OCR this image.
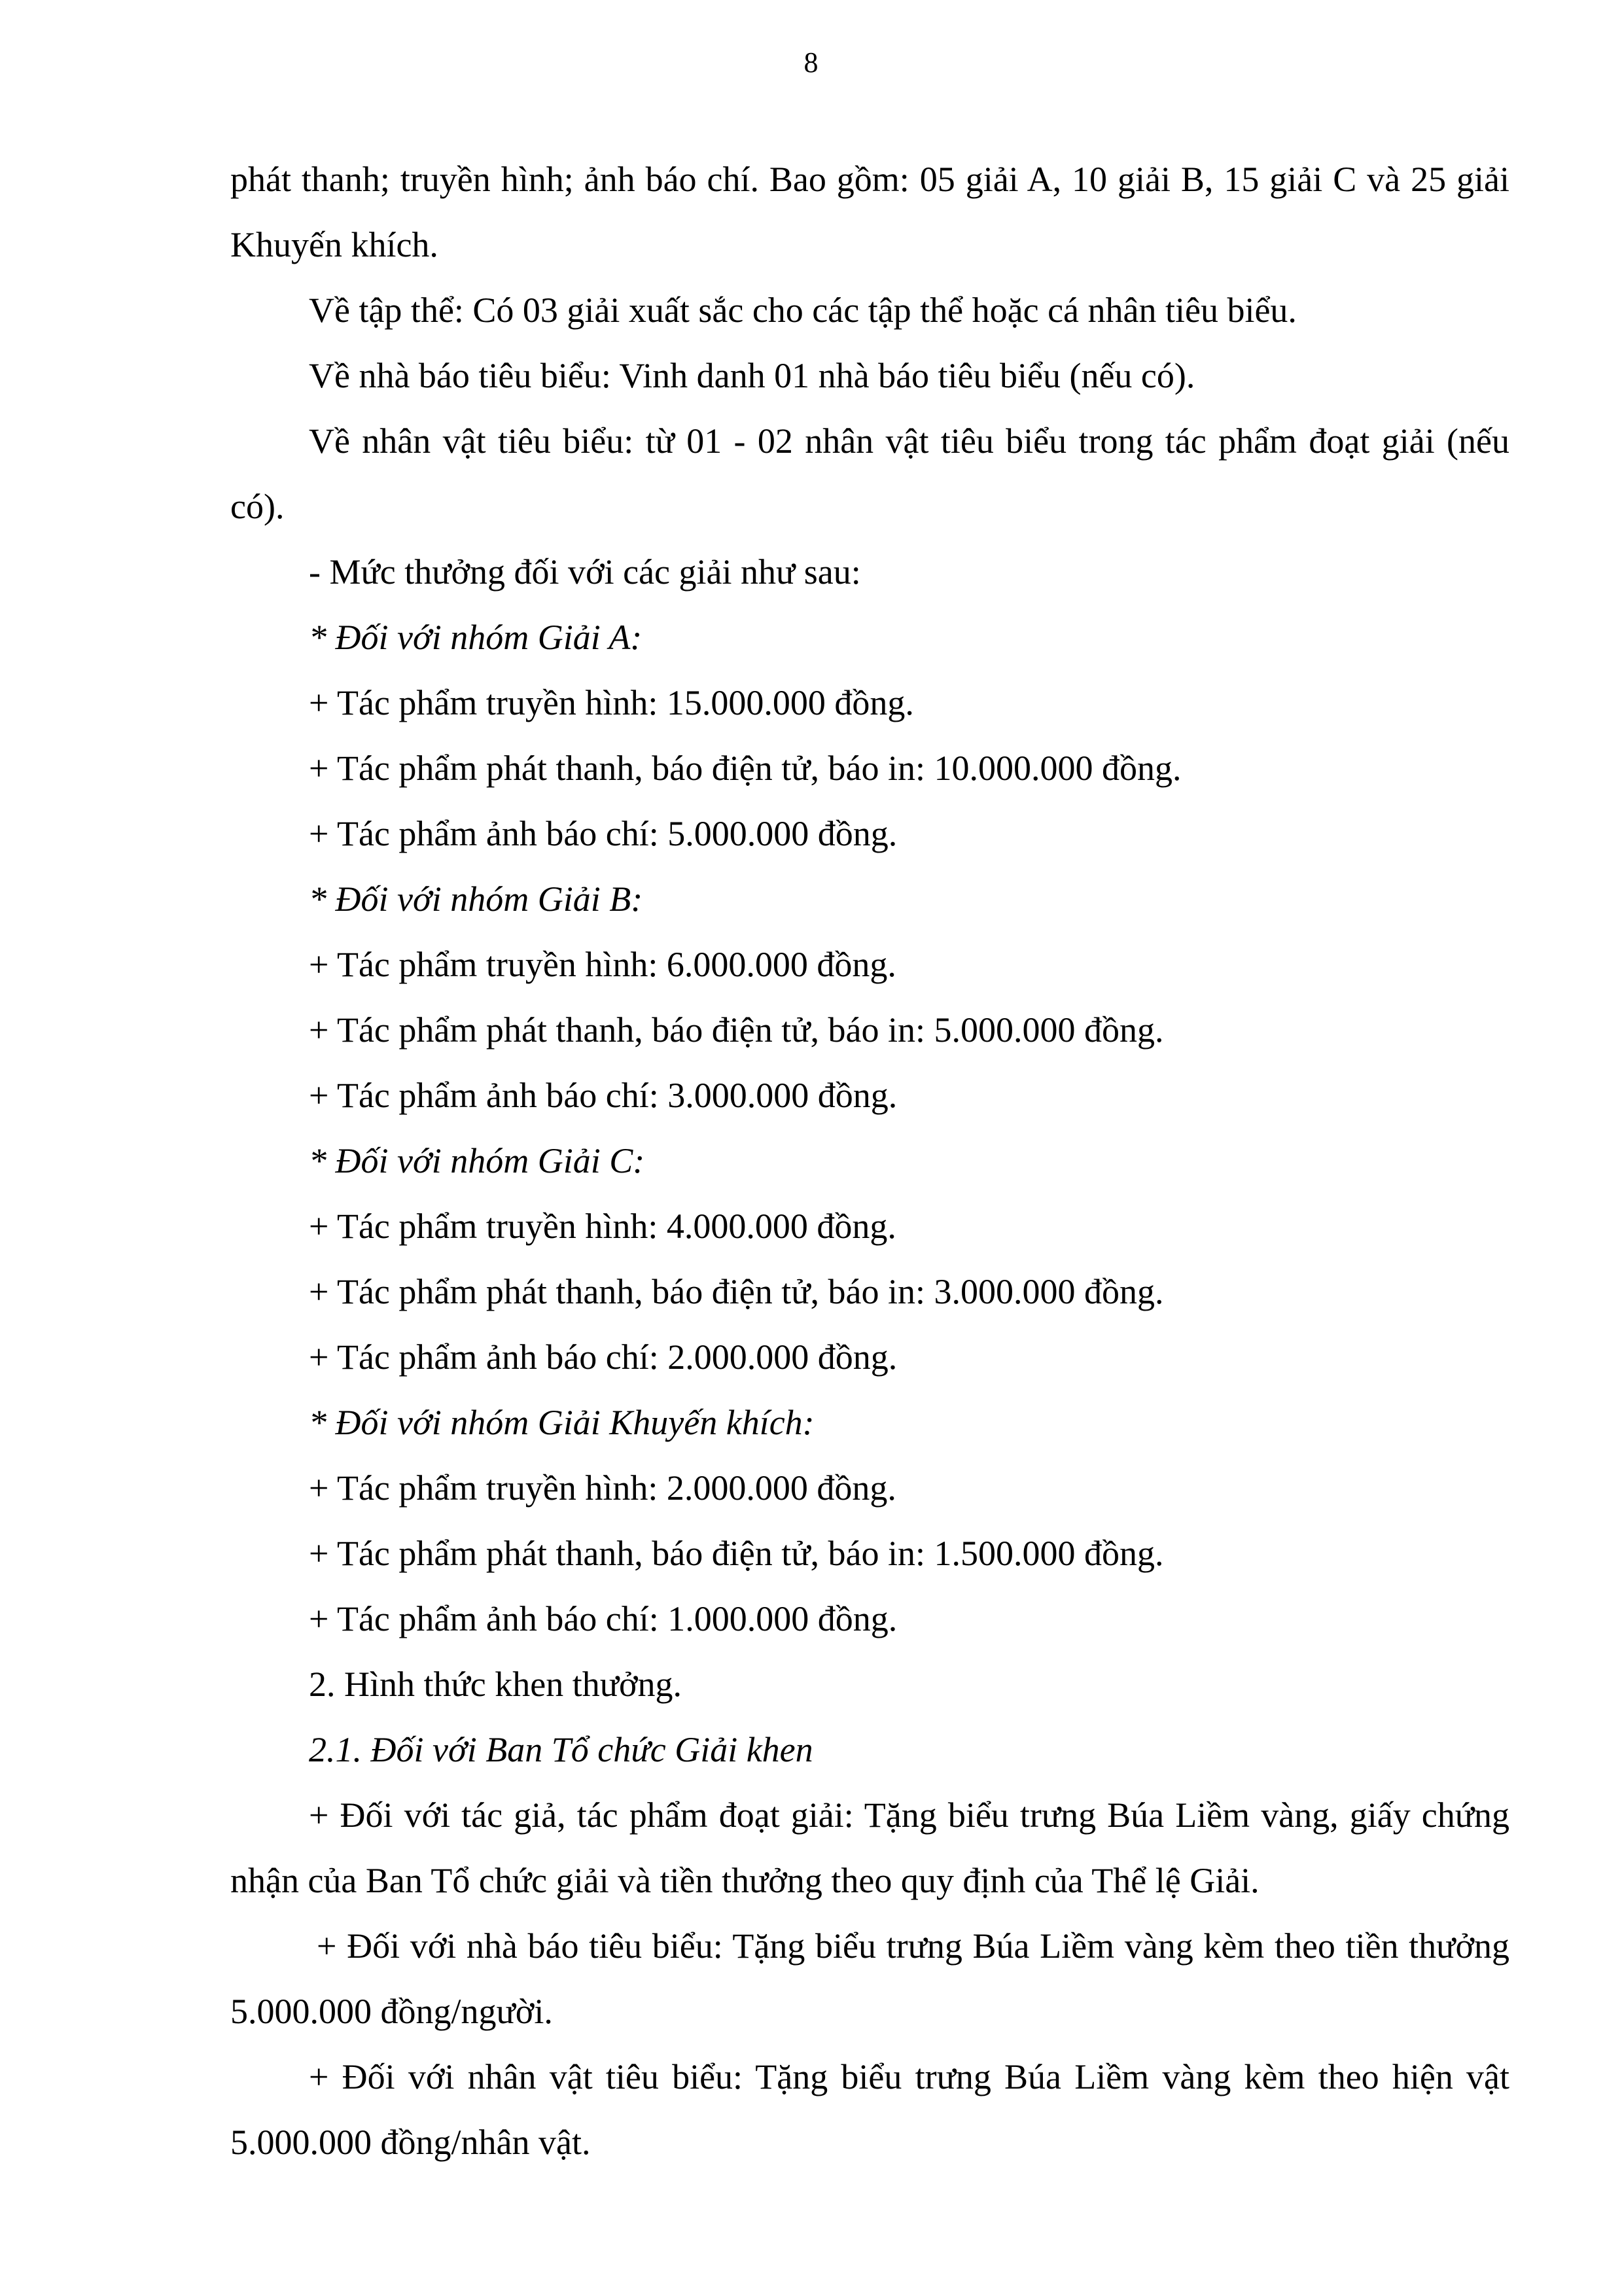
8

phát thanh; truyền hình; ảnh báo chí. Bao gồm: 05 giải A, 10 giải B, 15 giải C và 25 giải Khuyến khích.

Về tập thể: Có 03 giải xuất sắc cho các tập thể hoặc cá nhân tiêu biểu.

Về nhà báo tiêu biểu: Vinh danh 01 nhà báo tiêu biểu (nếu có).

Về nhân vật tiêu biểu: từ 01 - 02 nhân vật tiêu biểu trong tác phẩm đoạt giải (nếu có).

- Mức thưởng đối với các giải như sau:

* Đối với nhóm Giải A:

+ Tác phẩm truyền hình: 15.000.000 đồng.

+ Tác phẩm phát thanh, báo điện tử, báo in: 10.000.000 đồng.

+ Tác phẩm ảnh báo chí: 5.000.000 đồng.

* Đối với nhóm Giải B:

+ Tác phẩm truyền hình: 6.000.000 đồng.

+ Tác phẩm phát thanh, báo điện tử, báo in: 5.000.000 đồng.

+ Tác phẩm ảnh báo chí: 3.000.000 đồng.

* Đối với nhóm Giải C:

+ Tác phẩm truyền hình: 4.000.000 đồng.

+ Tác phẩm phát thanh, báo điện tử, báo in: 3.000.000 đồng.

+ Tác phẩm ảnh báo chí: 2.000.000 đồng.

* Đối với nhóm Giải Khuyến khích:

+ Tác phẩm truyền hình: 2.000.000 đồng.

+ Tác phẩm phát thanh, báo điện tử, báo in: 1.500.000 đồng.

+ Tác phẩm ảnh báo chí: 1.000.000 đồng.

2. Hình thức khen thưởng.

2.1. Đối với Ban Tổ chức Giải khen

+ Đối với tác giả, tác phẩm đoạt giải: Tặng biểu trưng Búa Liềm vàng, giấy chứng nhận của Ban Tổ chức giải và tiền thưởng theo quy định của Thể lệ Giải.

+ Đối với nhà báo tiêu biểu: Tặng biểu trưng Búa Liềm vàng kèm theo tiền thưởng 5.000.000 đồng/người.

+ Đối với nhân vật tiêu biểu: Tặng biểu trưng Búa Liềm vàng kèm theo hiện vật 5.000.000 đồng/nhân vật.
